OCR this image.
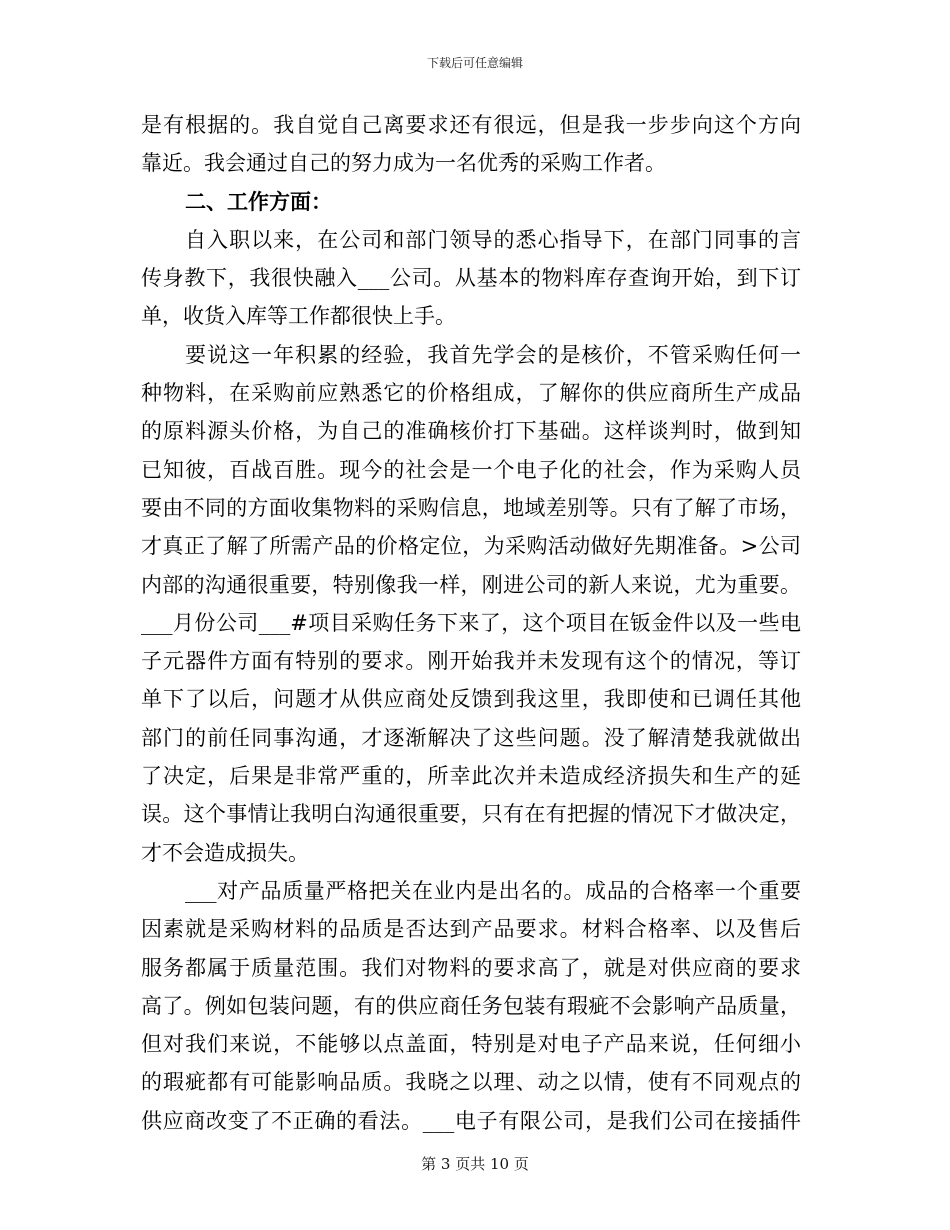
下载后可任意编辑
是有根据的。我自觉自己离要求还有很远，但是我一步步向这个方向
靠近。我会通过自己的努力成为一名优秀的采购工作者。
二、工作方面：
自入职以来，在公司和部门领导的悉心指导下，在部门同事的言
传身教下，我很快融入___公司。从基本的物料库存查询开始，到下订
单，收货入库等工作都很快上手。
要说这一年积累的经验，我首先学会的是核价，不管采购任何一
种物料，在采购前应熟悉它的价格组成，了解你的供应商所生产成品
的原料源头价格，为自己的准确核价打下基础。这样谈判时，做到知
已知彼，百战百胜。现今的社会是一个电子化的社会，作为采购人员
要由不同的方面收集物料的采购信息，地域差别等。只有了解了市场，
才真正了解了所需产品的价格定位，为采购活动做好先期准备。>公司
内部的沟通很重要，特别像我一样，刚进公司的新人来说，尤为重要。
___月份公司___#项目采购任务下来了，这个项目在钣金件以及一些电
子元器件方面有特别的要求。刚开始我并未发现有这个的情况，等订
单下了以后，问题才从供应商处反馈到我这里，我即使和已调任其他
部门的前任同事沟通，才逐渐解决了这些问题。没了解清楚我就做出
了决定，后果是非常严重的，所幸此次并未造成经济损失和生产的延
误。这个事情让我明白沟通很重要，只有在有把握的情况下才做决定，
才不会造成损失。
___对产品质量严格把关在业内是出名的。成品的合格率一个重要
因素就是采购材料的品质是否达到产品要求。材料合格率、以及售后
服务都属于质量范围。我们对物料的要求高了，就是对供应商的要求
高了。例如包装问题，有的供应商任务包装有瑕疵不会影响产品质量，
但对我们来说，不能够以点盖面，特别是对电子产品来说，任何细小
的瑕疵都有可能影响品质。我晓之以理、动之以情，使有不同观点的
供应商改变了不正确的看法。___电子有限公司，是我们公司在接插件
第 3 页共 10 页
